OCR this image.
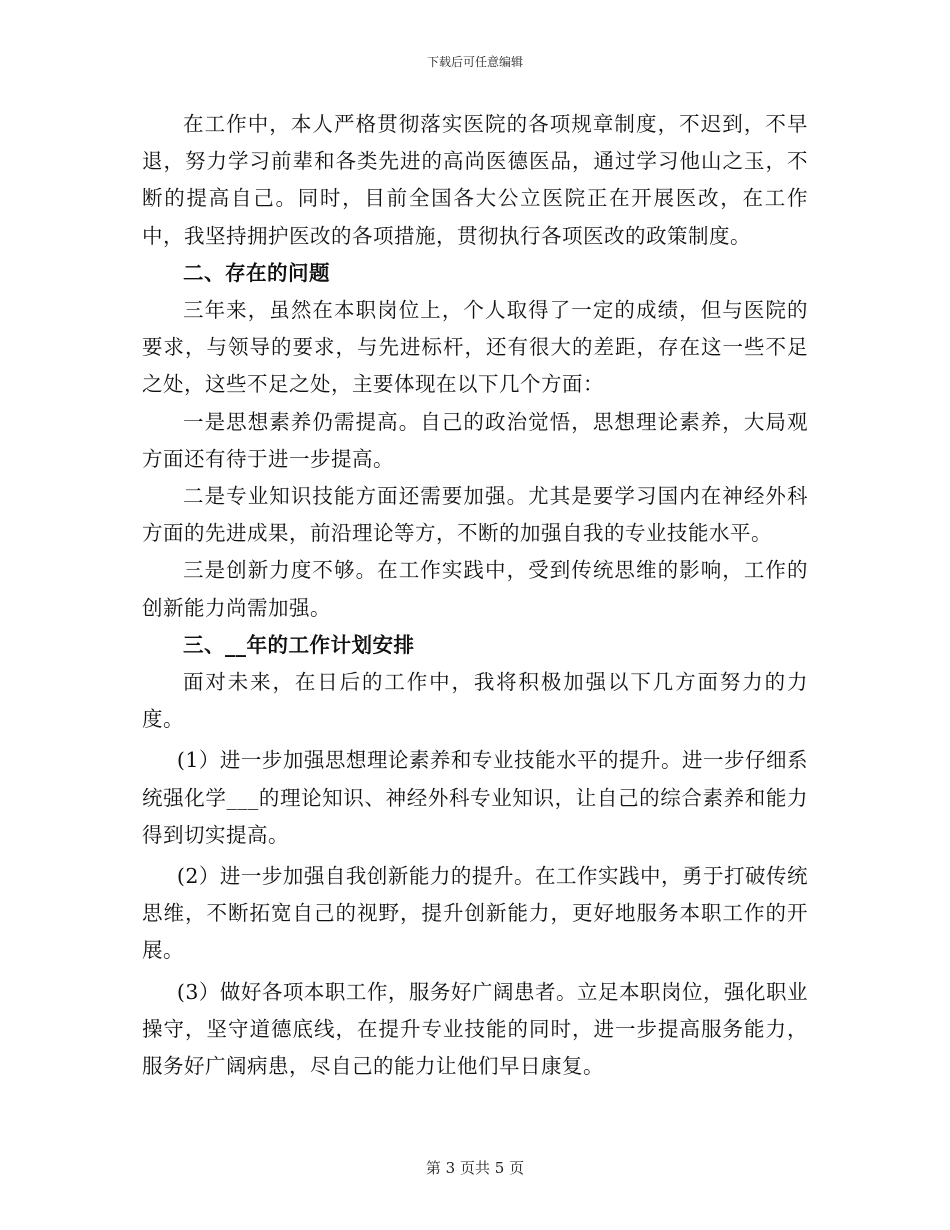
下载后可任意编辑

在工作中，本人严格贯彻落实医院的各项规章制度，不迟到，不早退，努力学习前辈和各类先进的高尚医德医品，通过学习他山之玉，不断的提高自己。同时，目前全国各大公立医院正在开展医改，在工作中，我坚持拥护医改的各项措施，贯彻执行各项医改的政策制度。

二、存在的问题

三年来，虽然在本职岗位上，个人取得了一定的成绩，但与医院的要求，与领导的要求，与先进标杆，还有很大的差距，存在这一些不足之处，这些不足之处，主要体现在以下几个方面：

一是思想素养仍需提高。自己的政治觉悟，思想理论素养，大局观方面还有待于进一步提高。

二是专业知识技能方面还需要加强。尤其是要学习国内在神经外科方面的先进成果，前沿理论等方，不断的加强自我的专业技能水平。

三是创新力度不够。在工作实践中，受到传统思维的影响，工作的创新能力尚需加强。

三、__年的工作计划安排

面对未来，在日后的工作中，我将积极加强以下几方面努力的力度。

(1）进一步加强思想理论素养和专业技能水平的提升。进一步仔细系统强化学___的理论知识、神经外科专业知识，让自己的综合素养和能力得到切实提高。

(2）进一步加强自我创新能力的提升。在工作实践中，勇于打破传统思维，不断拓宽自己的视野，提升创新能力，更好地服务本职工作的开展。

(3）做好各项本职工作，服务好广阔患者。立足本职岗位，强化职业操守，坚守道德底线，在提升专业技能的同时，进一步提高服务能力，服务好广阔病患，尽自己的能力让他们早日康复。

第 3 页共 5 页
